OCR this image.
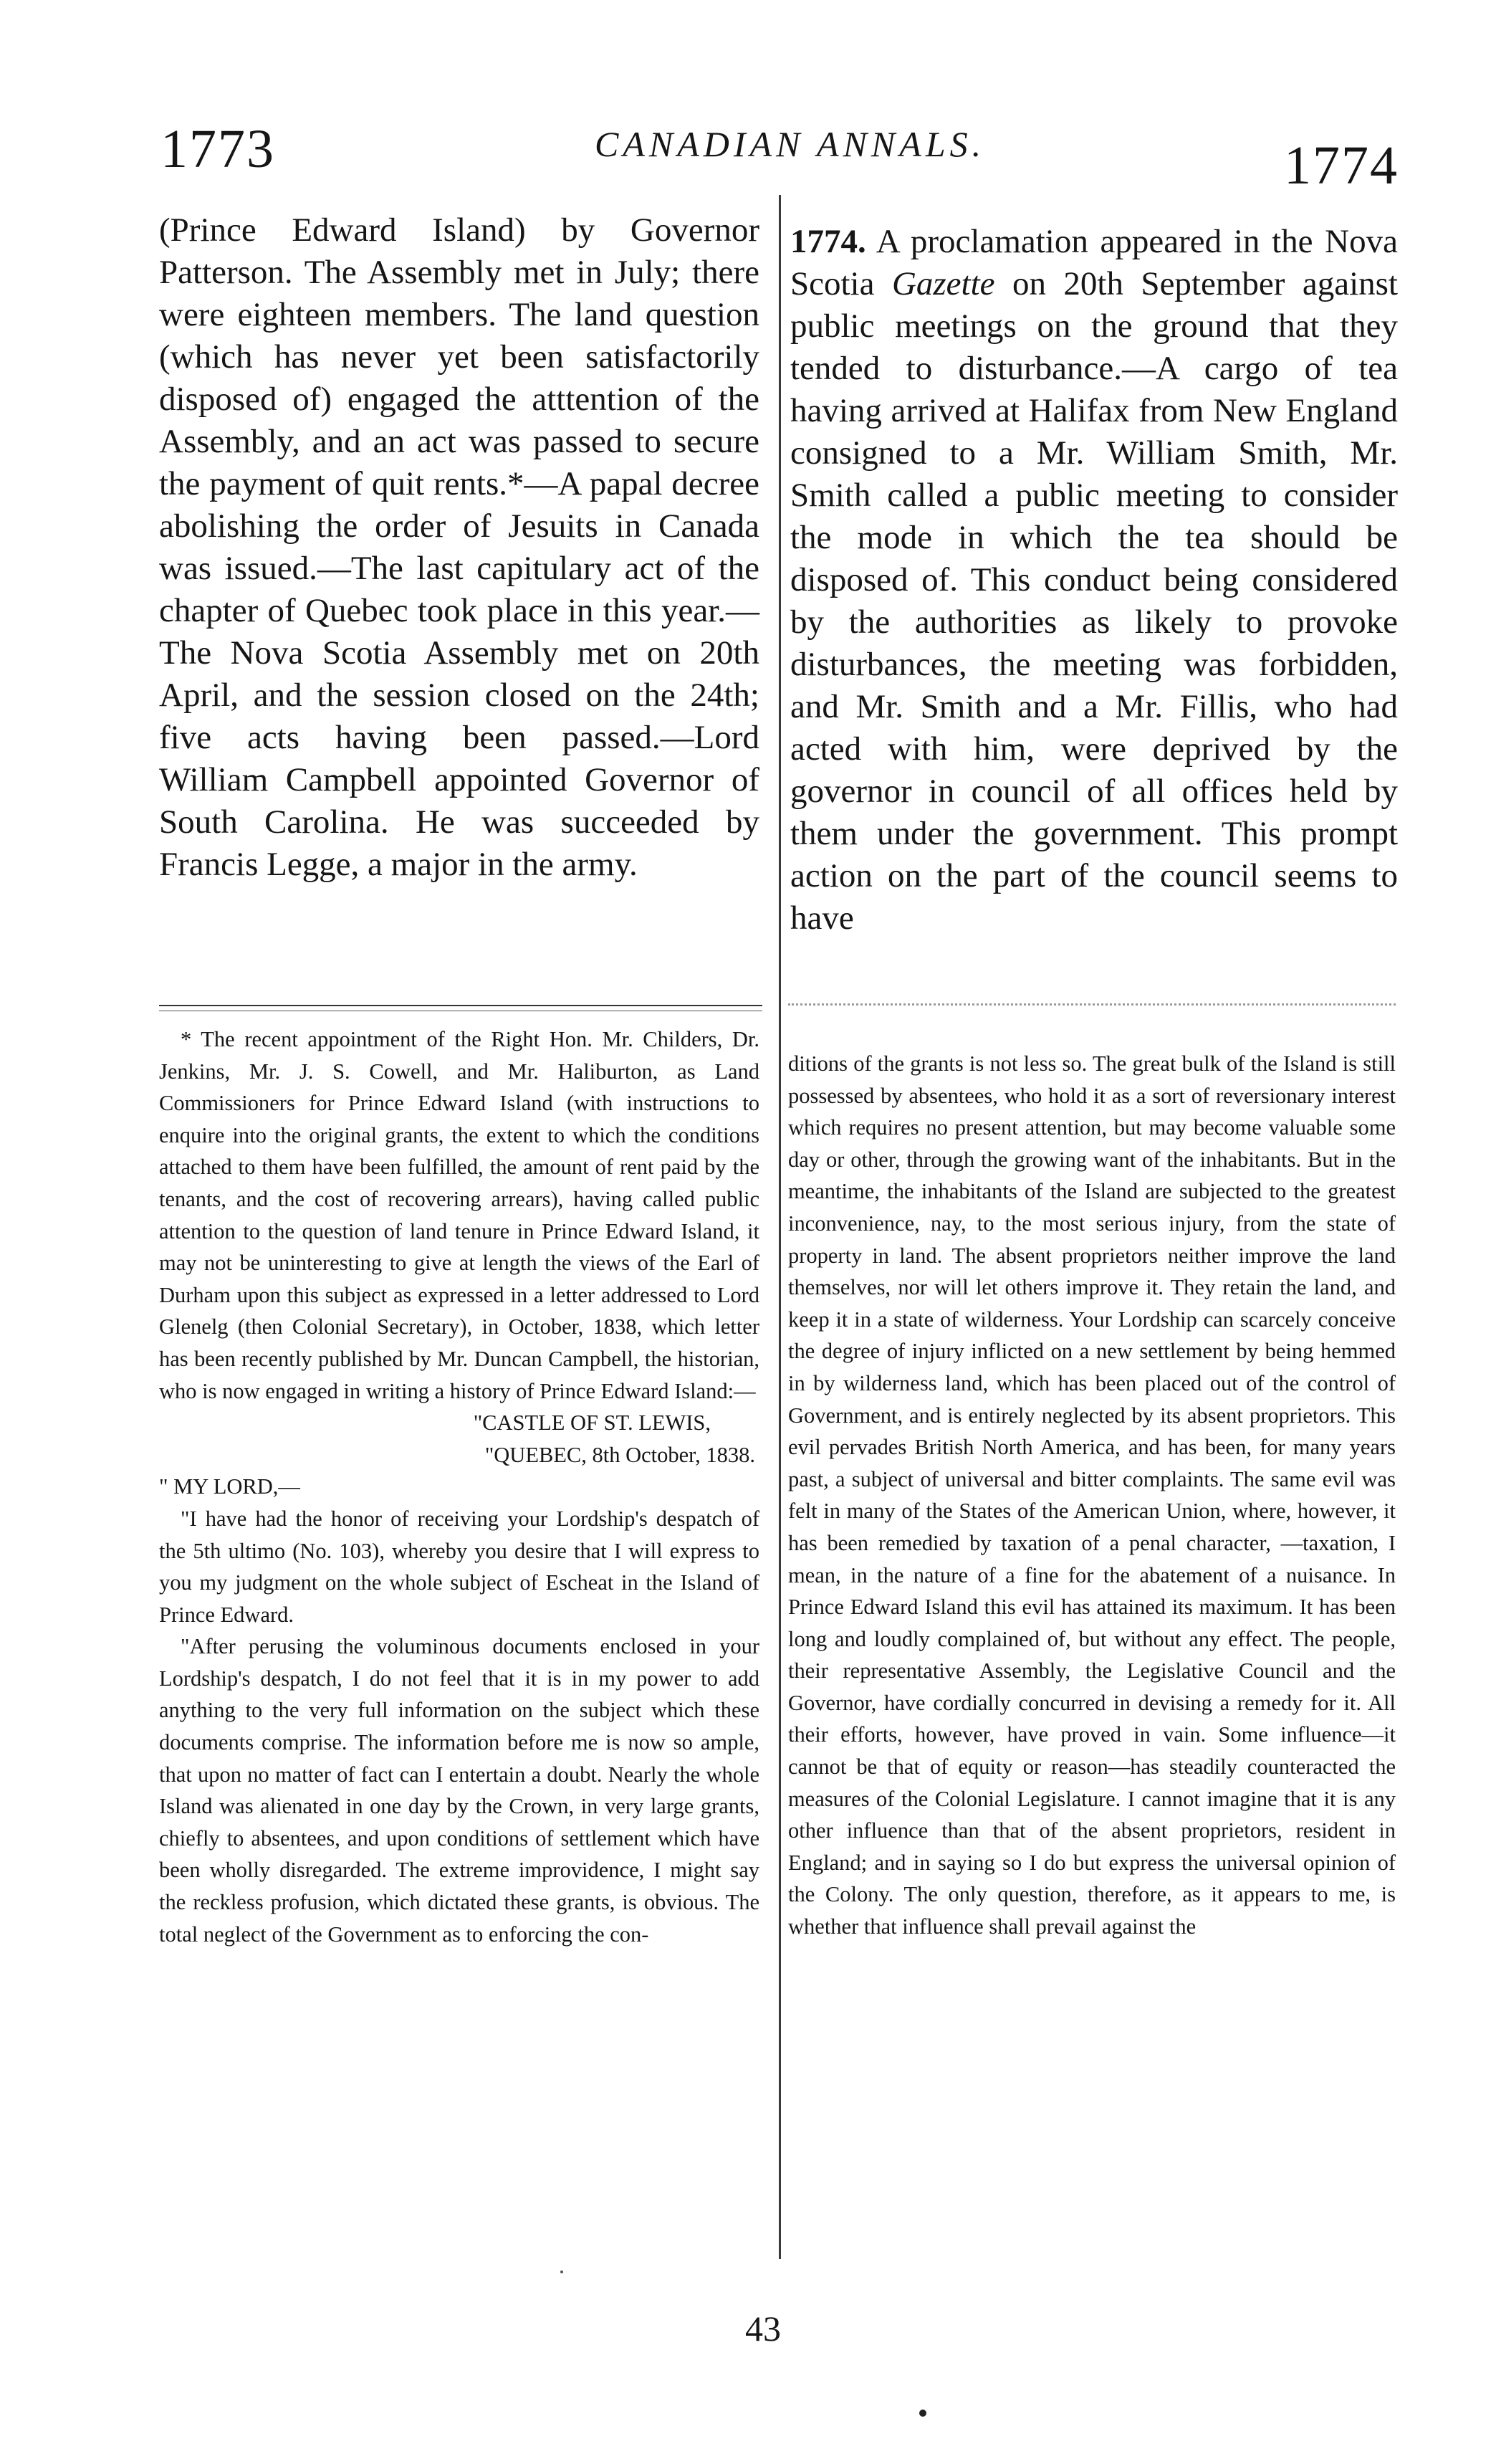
1773	CANADIAN ANNALS.	1774
(Prince Edward Island) by Governor Patterson. The Assembly met in July; there were eighteen members. The land question (which has never yet been satisfactorily disposed of) engaged the atttention of the Assembly, and an act was passed to secure the payment of quit rents.*—A papal decree abolishing the order of Jesuits in Canada was issued.—The last capitulary act of the chapter of Quebec took place in this year.—The Nova Scotia Assembly met on 20th April, and the session closed on the 24th; five acts having been passed.—Lord William Campbell appointed Governor of South Carolina. He was succeeded by Francis Legge, a major in the army.
1774. A proclamation appeared in the Nova Scotia Gazette on 20th September against public meetings on the ground that they tended to disturbance.—A cargo of tea having arrived at Halifax from New England consigned to a Mr. William Smith, Mr. Smith called a public meeting to consider the mode in which the tea should be disposed of. This conduct being considered by the authorities as likely to provoke disturbances, the meeting was forbidden, and Mr. Smith and a Mr. Fillis, who had acted with him, were deprived by the governor in council of all offices held by them under the government. This prompt action on the part of the council seems to have

* The recent appointment of the Right Hon. Mr. Childers, Dr. Jenkins, Mr. J. S. Cowell, and Mr. Haliburton, as Land Commissioners for Prince Edward Island (with instructions to enquire into the original grants, the extent to which the conditions attached to them have been fulfilled, the amount of rent paid by the tenants, and the cost of recovering arrears), having called public attention to the question of land tenure in Prince Edward Island, it may not be uninteresting to give at length the views of the Earl of Durham upon this subject as expressed in a letter addressed to Lord Glenelg (then Colonial Secretary), in October, 1838, which letter has been recently published by Mr. Duncan Campbell, the historian, who is now engaged in writing a history of Prince Edward Island:—

"CASTLE OF ST. LEWIS,

"QUEBEC, 8th October, 1838.

" MY LORD,—

"I have had the honor of receiving your Lordship's despatch of the 5th ultimo (No. 103), whereby you desire that I will express to you my judgment on the whole subject of Escheat in the Island of Prince Edward.

"After perusing the voluminous documents enclosed in your Lordship's despatch, I do not feel that it is in my power to add anything to the very full information on the subject which these documents comprise. The information before me is now so ample, that upon no matter of fact can I entertain a doubt. Nearly the whole Island was alienated in one day by the Crown, in very large grants, chiefly to absentees, and upon conditions of settlement which have been wholly disregarded. The extreme improvidence, I might say the reckless profusion, which dictated these grants, is obvious. The total neglect of the Government as to enforcing the con-

ditions of the grants is not less so. The great bulk of the Island is still possessed by absentees, who hold it as a sort of reversionary interest which requires no present attention, but may become valuable some day or other, through the growing want of the inhabitants. But in the meantime, the inhabitants of the Island are subjected to the greatest inconvenience, nay, to the most serious injury, from the state of property in land. The absent proprietors neither improve the land themselves, nor will let others improve it. They retain the land, and keep it in a state of wilderness. Your Lordship can scarcely conceive the degree of injury inflicted on a new settlement by being hemmed in by wilderness land, which has been placed out of the control of Government, and is entirely neglected by its absent proprietors. This evil pervades British North America, and has been, for many years past, a subject of universal and bitter complaints. The same evil was felt in many of the States of the American Union, where, however, it has been remedied by taxation of a penal character, —taxation, I mean, in the nature of a fine for the abatement of a nuisance. In Prince Edward Island this evil has attained its maximum. It has been long and loudly complained of, but without any effect. The people, their representative Assembly, the Legislative Council and the Governor, have cordially concurred in devising a remedy for it. All their efforts, however, have proved in vain. Some influence—it cannot be that of equity or reason—has steadily counteracted the measures of the Colonial Legislature. I cannot imagine that it is any other influence than that of the absent proprietors, resident in England; and in saying so I do but express the universal opinion of the Colony. The only question, therefore, as it appears to me, is whether that influence shall prevail against the

43
